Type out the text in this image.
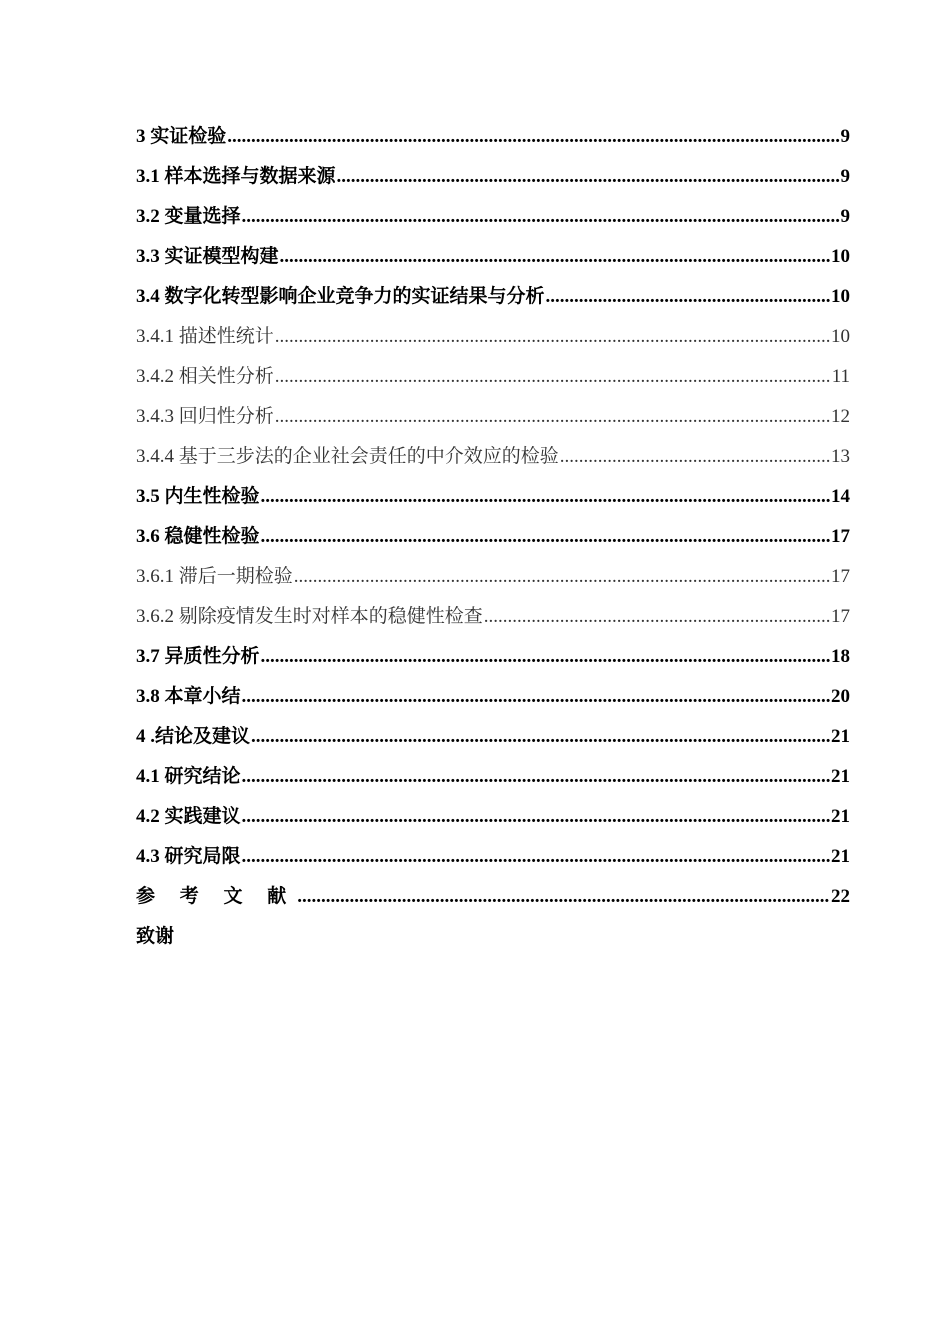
3 实证检验 .....	9
3.1 样本选择与数据来源 .....	9
3.2 变量选择 .....	9
3.3 实证模型构建 .....	10
3.4 数字化转型影响企业竞争力的实证结果与分析 .....	10
3.4.1 描述性统计 .....	10
3.4.2 相关性分析 .....	11
3.4.3 回归性分析 .....	12
3.4.4 基于三步法的企业社会责任的中介效应的检验 .....	13
3.5 内生性检验 .....	14
3.6 稳健性检验 .....	17
3.6.1 滞后一期检验 .....	17
3.6.2 剔除疫情发生时对样本的稳健性检查 .....	17
3.7 异质性分析 .....	18
3.8 本章小结 .....	20
4 .结论及建议 .....	21
4.1 研究结论 .....	21
4.2 实践建议 .....	21
4.3 研究局限 .....	21
参 考 文 献 .....	22
致谢
